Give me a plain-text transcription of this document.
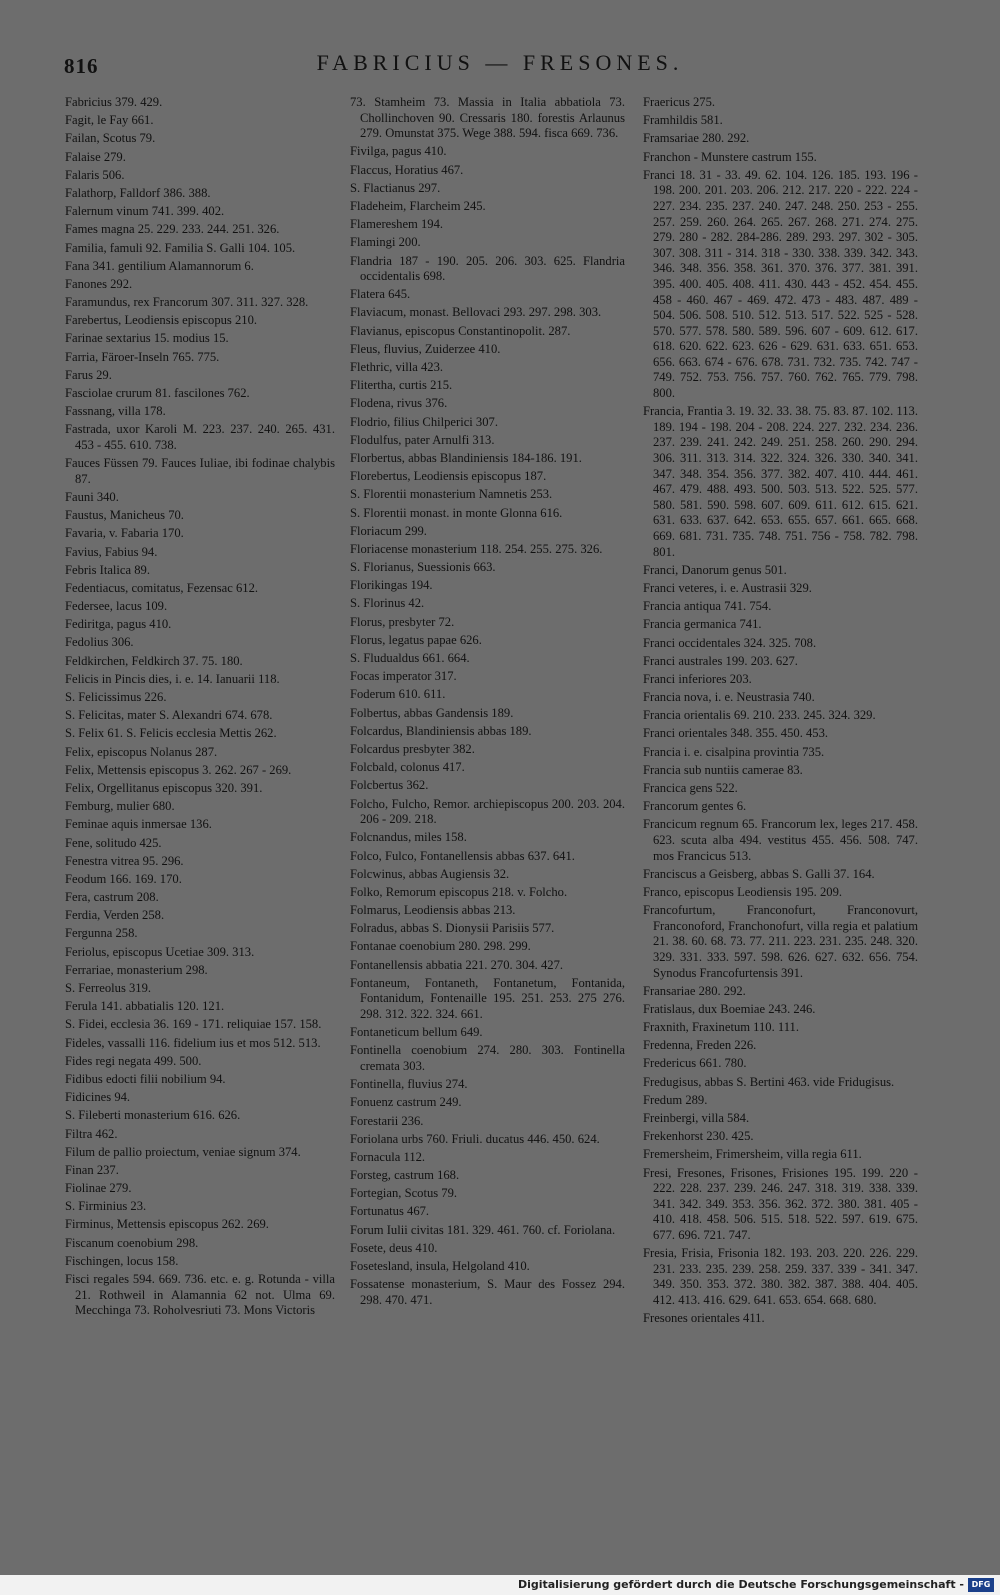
816	FABRICIUS — FRESONES.
Fabricius 379. 429.
Fagit, le Fay 661.
Failan, Scotus 79.
Falaise 279.
Falaris 506.
Falathorp, Falldorf 386. 388.
Falernum vinum 741. 399. 402.
Fames magna 25. 229. 233. 244. 251. 326.
Familia, famuli 92. Familia S. Galli 104. 105.
Fana 341. gentilium Alamannorum 6.
Fanones 292.
Faramundus, rex Francorum 307. 311. 327. 328.
Farebertus, Leodiensis episcopus 210.
Farinae sextarius 15. modius 15.
Farria, Färoer-Inseln 765. 775.
Farus 29.
Fasciolae crurum 81. fascilones 762.
Fassnang, villa 178.
Fastrada, uxor Karoli M. 223. 237. 240. 265. 431. 453 - 455. 610. 738.
Fauces Füssen 79. Fauces Iuliae, ibi fodinae chalybis 87.
Fauni 340.
Faustus, Manicheus 70.
Favaria, v. Fabaria 170.
Favius, Fabius 94.
Febris Italica 89.
Fedentiacus, comitatus, Fezensac 612.
Federsee, lacus 109.
Fediritga, pagus 410.
Fedolius 306.
Feldkirchen, Feldkirch 37. 75. 180.
Felicis in Pincis dies, i. e. 14. Ianuarii 118.
S. Felicissimus 226.
S. Felicitas, mater S. Alexandri 674. 678.
S. Felix 61. S. Felicis ecclesia Mettis 262.
Felix, episcopus Nolanus 287.
Felix, Mettensis episcopus 3. 262. 267 - 269.
Felix, Orgellitanus episcopus 320. 391.
Femburg, mulier 680.
Feminae aquis inmersae 136.
Fene, solitudo 425.
Fenestra vitrea 95. 296.
Feodum 166. 169. 170.
Fera, castrum 208.
Ferdia, Verden 258.
Fergunna 258.
Feriolus, episcopus Ucetiae 309. 313.
Ferrariae, monasterium 298.
S. Ferreolus 319.
Ferula 141. abbatialis 120. 121.
S. Fidei, ecclesia 36. 169 - 171. reliquiae 157. 158.
Fideles, vassalli 116. fidelium ius et mos 512. 513.
Fides regi negata 499. 500.
Fidibus edocti filii nobilium 94.
Fidicines 94.
S. Fileberti monasterium 616. 626.
Filtra 462.
Filum de pallio proiectum, veniae signum 374.
Finan 237.
Fiolinae 279.
S. Firminius 23.
Firminus, Mettensis episcopus 262. 269.
Fiscanum coenobium 298.
Fischingen, locus 158.
Fisci regales 594. 669. 736. etc. e. g. Rotunda - villa 21. Rothweil in Alamannia 62 not. Ulma 69. Mecchinga 73. Roholvesriuti 73. Mons Victoris
73. Stamheim 73. Massia in Italia abbatiola 73. Chollinchoven 90. Cressaris 180. forestis Arlaunus 279. Omunstat 375. Wege 388. 594. fisca 669. 736.
Fivilga, pagus 410.
Flaccus, Horatius 467.
S. Flactianus 297.
Fladeheim, Flarcheim 245.
Flamereshem 194.
Flamingi 200.
Flandria 187 - 190. 205. 206. 303. 625. Flandria occidentalis 698.
Flatera 645.
Flaviacum, monast. Bellovaci 293. 297. 298. 303.
Flavianus, episcopus Constantinopolit. 287.
Fleus, fluvius, Zuiderzee 410.
Flethric, villa 423.
Flitertha, curtis 215.
Flodena, rivus 376.
Flodrio, filius Chilperici 307.
Flodulfus, pater Arnulfi 313.
Florbertus, abbas Blandiniensis 184-186. 191.
Florebertus, Leodiensis episcopus 187.
S. Florentii monasterium Namnetis 253.
S. Florentii monast. in monte Glonna 616.
Floriacum 299.
Floriacense monasterium 118. 254. 255. 275. 326.
S. Florianus, Suessionis 663.
Florikingas 194.
S. Florinus 42.
Florus, presbyter 72.
Florus, legatus papae 626.
S. Fludualdus 661. 664.
Focas imperator 317.
Foderum 610. 611.
Folbertus, abbas Gandensis 189.
Folcardus, Blandiniensis abbas 189.
Folcardus presbyter 382.
Folcbald, colonus 417.
Folcbertus 362.
Folcho, Fulcho, Remor. archiepiscopus 200. 203. 204. 206 - 209. 218.
Folcnandus, miles 158.
Folco, Fulco, Fontanellensis abbas 637. 641.
Folcwinus, abbas Augiensis 32.
Folko, Remorum episcopus 218. v. Folcho.
Folmarus, Leodiensis abbas 213.
Folradus, abbas S. Dionysii Parisiis 577.
Fontanae coenobium 280. 298. 299.
Fontanellensis abbatia 221. 270. 304. 427.
Fontaneum, Fontaneth, Fontanetum, Fontanida, Fontanidum, Fontenaille 195. 251. 253. 275 276. 298. 312. 322. 324. 661.
Fontaneticum bellum 649.
Fontinella coenobium 274. 280. 303. Fontinella cremata 303.
Fontinella, fluvius 274.
Fonuenz castrum 249.
Forestarii 236.
Foriolana urbs 760. Friuli. ducatus 446. 450. 624.
Fornacula 112.
Forsteg, castrum 168.
Fortegian, Scotus 79.
Fortunatus 467.
Forum Iulii civitas 181. 329. 461. 760. cf. Foriolana.
Fosete, deus 410.
Fosetesland, insula, Helgoland 410.
Fossatense monasterium, S. Maur des Fossez 294. 298. 470. 471.
Fraericus 275.
Framhildis 581.
Framsariae 280. 292.
Franchon - Munstere castrum 155.
Franci 18. 31 - 33. 49. 62. 104. 126. 185. 193. 196 - 198. 200. 201. 203. 206. 212. 217. 220 - 222. 224 - 227. 234. 235. 237. 240. 247. 248. 250. 253 - 255. 257. 259. 260. 264. 265. 267. 268. 271. 274. 275. 279. 280 - 282. 284-286. 289. 293. 297. 302 - 305. 307. 308. 311 - 314. 318 - 330. 338. 339. 342. 343. 346. 348. 356. 358. 361. 370. 376. 377. 381. 391. 395. 400. 405. 408. 411. 430. 443 - 452. 454. 455. 458 - 460. 467 - 469. 472. 473 - 483. 487. 489 - 504. 506. 508. 510. 512. 513. 517. 522. 525 - 528. 570. 577. 578. 580. 589. 596. 607 - 609. 612. 617. 618. 620. 622. 623. 626 - 629. 631. 633. 651. 653. 656. 663. 674 - 676. 678. 731. 732. 735. 742. 747 - 749. 752. 753. 756. 757. 760. 762. 765. 779. 798. 800.
Francia, Frantia 3. 19. 32. 33. 38. 75. 83. 87. 102. 113. 189. 194 - 198. 204 - 208. 224. 227. 232. 234. 236. 237. 239. 241. 242. 249. 251. 258. 260. 290. 294. 306. 311. 313. 314. 322. 324. 326. 330. 340. 341. 347. 348. 354. 356. 377. 382. 407. 410. 444. 461. 467. 479. 488. 493. 500. 503. 513. 522. 525. 577. 580. 581. 590. 598. 607. 609. 611. 612. 615. 621. 631. 633. 637. 642. 653. 655. 657. 661. 665. 668. 669. 681. 731. 735. 748. 751. 756 - 758. 782. 798. 801.
Franci, Danorum genus 501.
Franci veteres, i. e. Austrasii 329.
Francia antiqua 741. 754.
Francia germanica 741.
Franci occidentales 324. 325. 708.
Franci australes 199. 203. 627.
Franci inferiores 203.
Francia nova, i. e. Neustrasia 740.
Francia orientalis 69. 210. 233. 245. 324. 329.
Franci orientales 348. 355. 450. 453.
Francia i. e. cisalpina provintia 735.
Francia sub nuntiis camerae 83.
Francica gens 522.
Francorum gentes 6.
Francicum regnum 65. Francorum lex, leges 217. 458. 623. scuta alba 494. vestitus 455. 456. 508. 747. mos Francicus 513.
Franciscus a Geisberg, abbas S. Galli 37. 164.
Franco, episcopus Leodiensis 195. 209.
Francofurtum, Franconofurt, Franconovurt, Franconoford, Franchonofurt, villa regia et palatium 21. 38. 60. 68. 73. 77. 211. 223. 231. 235. 248. 320. 329. 331. 333. 597. 598. 626. 627. 632. 656. 754. Synodus Francofurtensis 391.
Fransariae 280. 292.
Fratislaus, dux Boemiae 243. 246.
Fraxnith, Fraxinetum 110. 111.
Fredenna, Freden 226.
Fredericus 661. 780.
Fredugisus, abbas S. Bertini 463. vide Fridugisus.
Fredum 289.
Freinbergi, villa 584.
Frekenhorst 230. 425.
Fremersheim, Frimersheim, villa regia 611.
Fresi, Fresones, Frisones, Frisiones 195. 199. 220 - 222. 228. 237. 239. 246. 247. 318. 319. 338. 339. 341. 342. 349. 353. 356. 362. 372. 380. 381. 405 - 410. 418. 458. 506. 515. 518. 522. 597. 619. 675. 677. 696. 721. 747.
Fresia, Frisia, Frisonia 182. 193. 203. 220. 226. 229. 231. 233. 235. 239. 258. 259. 337. 339 - 341. 347. 349. 350. 353. 372. 380. 382. 387. 388. 404. 405. 412. 413. 416. 629. 641. 653. 654. 668. 680.
Fresones orientales 411.
Digitalisierung gefördert durch die Deutsche Forschungsgemeinschaft - DFG
